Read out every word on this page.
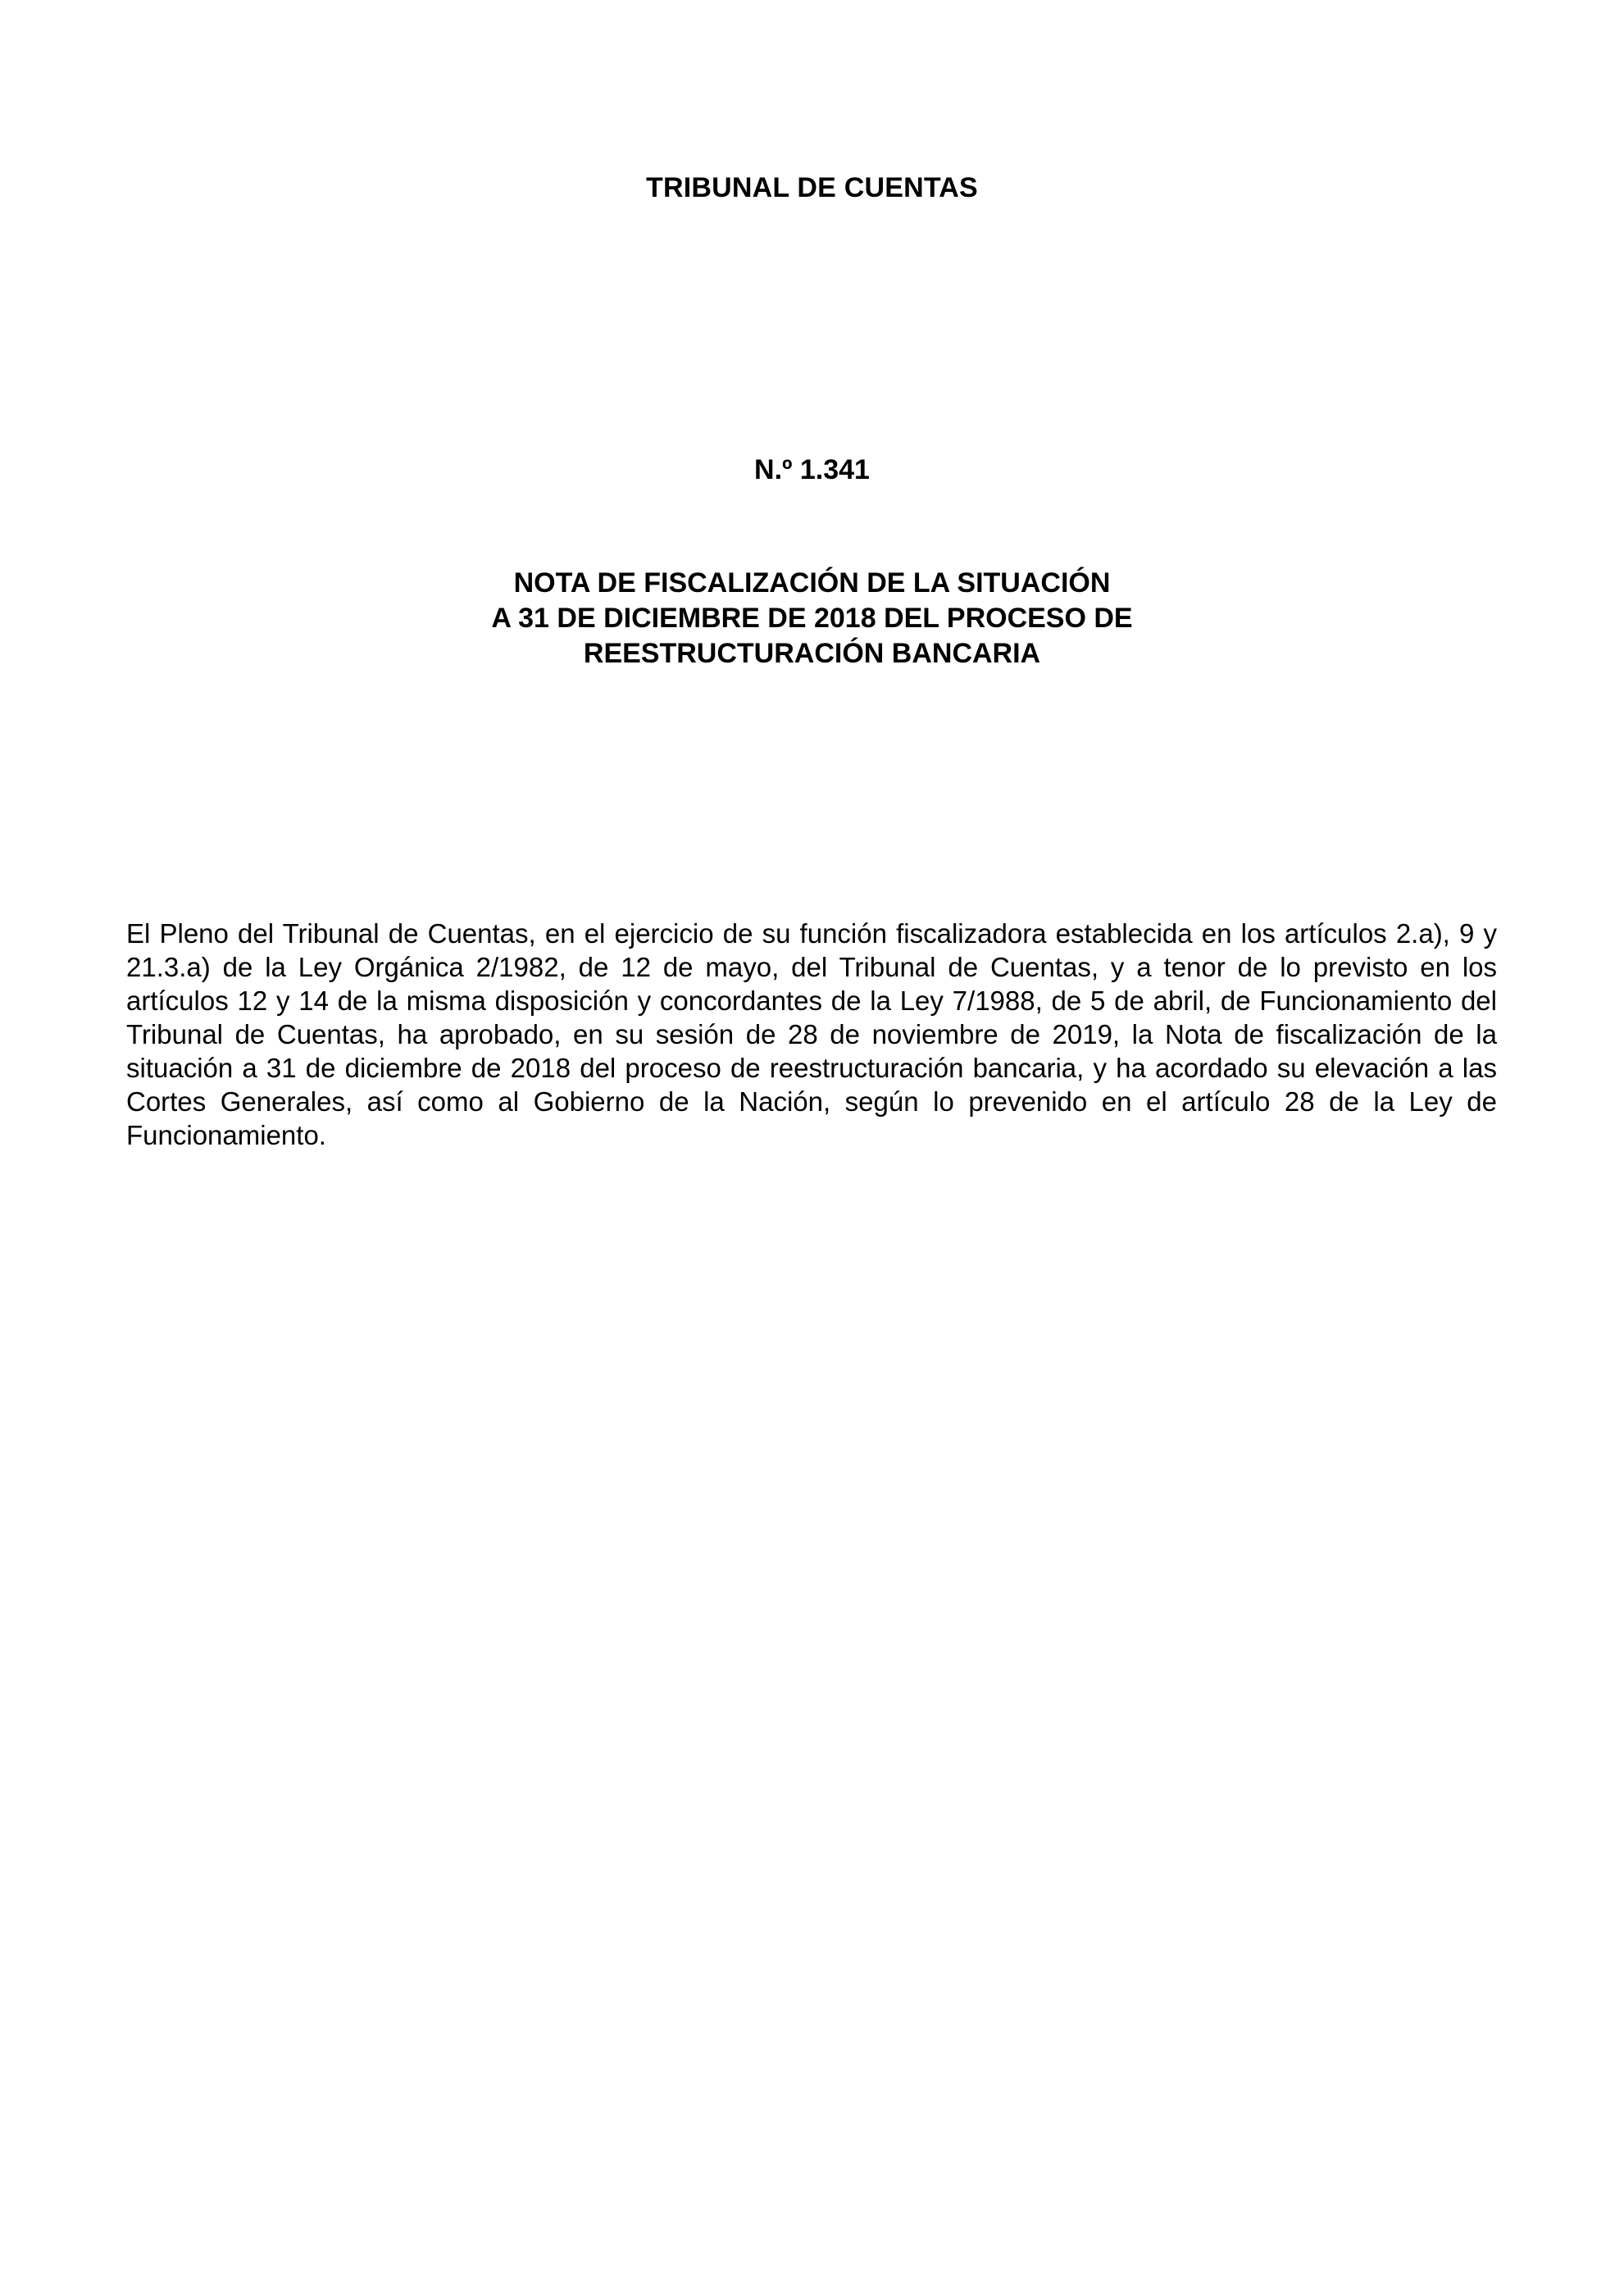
TRIBUNAL DE CUENTAS
N.º 1.341
NOTA DE FISCALIZACIÓN DE LA SITUACIÓN
A 31 DE DICIEMBRE DE 2018 DEL PROCESO DE
REESTRUCTURACIÓN BANCARIA

El Pleno del Tribunal de Cuentas, en el ejercicio de su función fiscalizadora establecida en los artículos 2.a), 9 y 21.3.a) de la Ley Orgánica 2/1982, de 12 de mayo, del Tribunal de Cuentas, y a tenor de lo previsto en los artículos 12 y 14 de la misma disposición y concordantes de la Ley 7/1988, de 5 de abril, de Funcionamiento del Tribunal de Cuentas, ha aprobado, en su sesión de 28 de noviembre de 2019, la Nota de fiscalización de la situación a 31 de diciembre de 2018 del proceso de reestructuración bancaria, y ha acordado su elevación a las Cortes Generales, así como al Gobierno de la Nación, según lo prevenido en el artículo 28 de la Ley de Funcionamiento.
